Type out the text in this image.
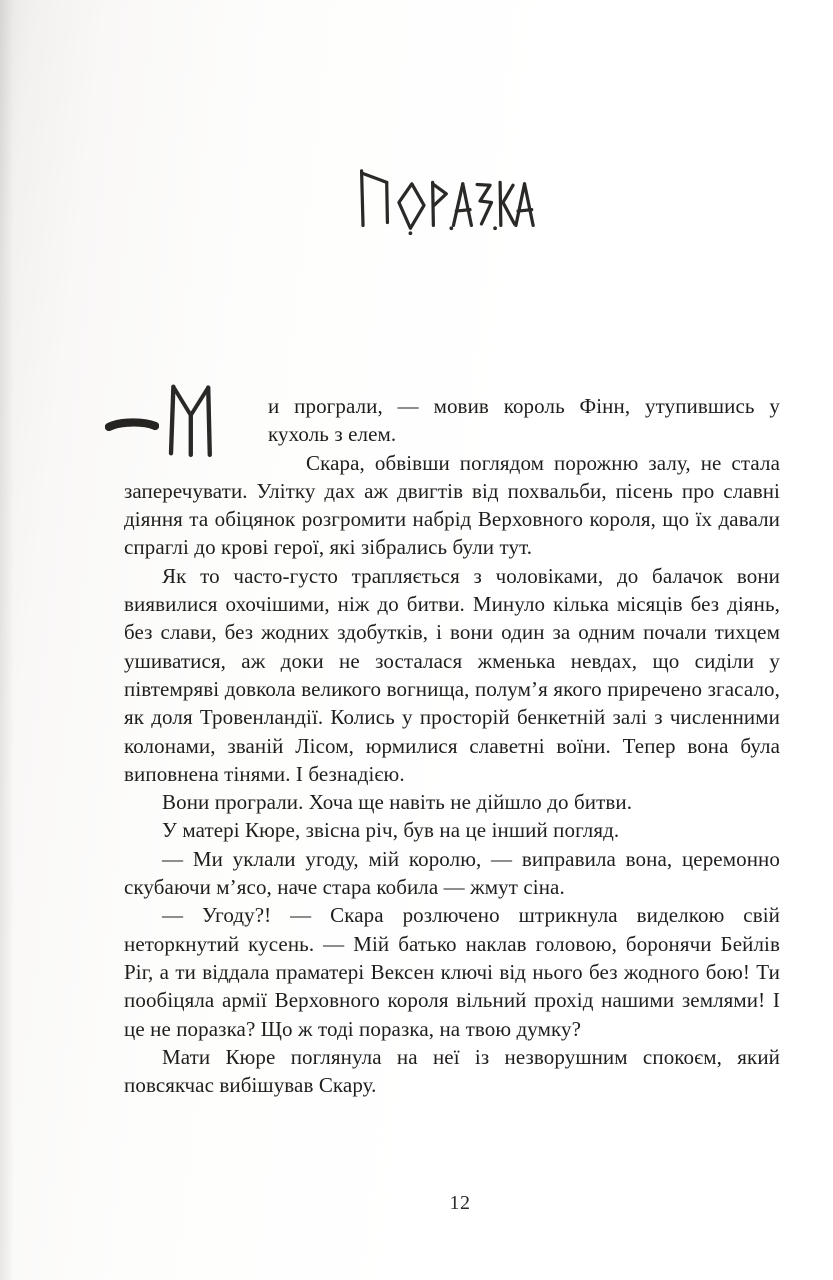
и програли, — мовив король Фінн, утупившись у кухоль з елем.

Скара, обвівши поглядом порожню залу, не стала заперечувати. Улітку дах аж двигтів від похвальби, пісень про славні діяння та обіцянок розгромити набрід Верховного короля, що їх давали спраглі до крові герої, які зібрались були тут.

Як то часто-густо трапляється з чоловіками, до балачок вони виявилися охочішими, ніж до битви. Минуло кілька місяців без діянь, без слави, без жодних здобутків, і вони один за одним почали тихцем ушиватися, аж доки не зосталася жменька невдах, що сиділи у півтемряві довкола великого вогнища, полум’я якого приречено згасало, як доля Тровенландії. Колись у просторій бенкетній залі з численними колонами, званій Лісом, юрмилися славетні воїни. Тепер вона була виповнена тінями. І безнадією.

Вони програли. Хоча ще навіть не дійшло до битви.

У матері Кюре, звісна річ, був на це інший погляд.

— Ми уклали угоду, мій королю, — виправила вона, церемонно скубаючи м’ясо, наче стара кобила — жмут сіна.

— Угоду?! — Скара розлючено штрикнула виделкою свій неторкнутий кусень. — Мій батько наклав головою, боронячи Бейлів Ріг, а ти віддала праматері Вексен ключі від нього без жодного бою! Ти пообіцяла армії Верховного короля вільний прохід нашими землями! І це не поразка? Що ж тоді поразка, на твою думку?

Мати Кюре поглянула на неї із незворушним спокоєм, який повсякчас вибішував Скару.

12
